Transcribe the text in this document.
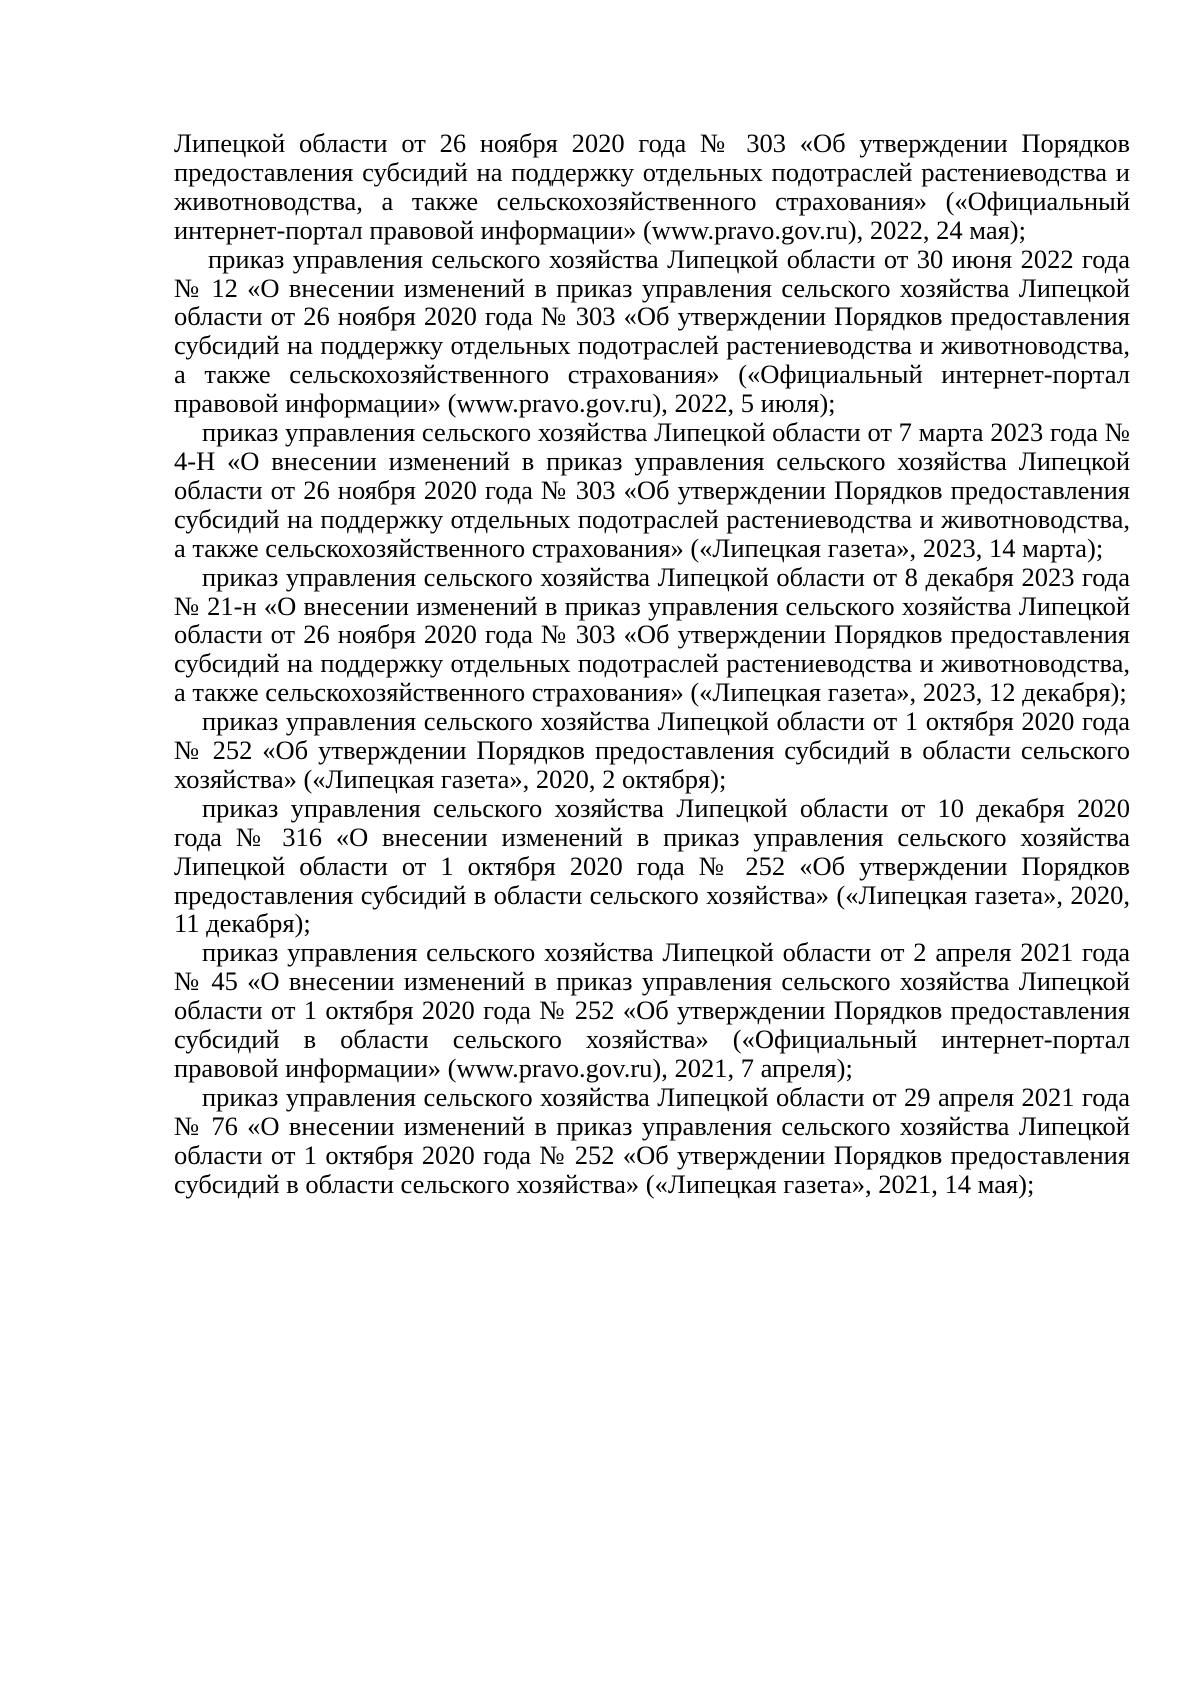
Липецкой области от 26 ноября 2020 года № 303 «Об утверждении Порядков предоставления субсидий на поддержку отдельных подотраслей растениеводства и животноводства, а также сельскохозяйственного страхования» («Официальный интернет-портал правовой информации» (www.pravo.gov.ru), 2022, 24 мая);

приказ управления сельского хозяйства Липецкой области от 30 июня 2022 года № 12 «О внесении изменений в приказ управления сельского хозяйства Липецкой области от 26 ноября 2020 года № 303 «Об утверждении Порядков предоставления субсидий на поддержку отдельных подотраслей растениеводства и животноводства, а также сельскохозяйственного страхования» («Официальный интернет-портал правовой информации» (www.pravo.gov.ru), 2022, 5 июля);

приказ управления сельского хозяйства Липецкой области от 7 марта 2023 года № 4-Н «О внесении изменений в приказ управления сельского хозяйства Липецкой области от 26 ноября 2020 года № 303 «Об утверждении Порядков предоставления субсидий на поддержку отдельных подотраслей растениеводства и животноводства, а также сельскохозяйственного страхования» («Липецкая газета», 2023, 14 марта);

приказ управления сельского хозяйства Липецкой области от 8 декабря 2023 года № 21-н «О внесении изменений в приказ управления сельского хозяйства Липецкой области от 26 ноября 2020 года № 303 «Об утверждении Порядков предоставления субсидий на поддержку отдельных подотраслей растениеводства и животноводства, а также сельскохозяйственного страхования» («Липецкая газета», 2023, 12 декабря);

приказ управления сельского хозяйства Липецкой области от 1 октября 2020 года № 252 «Об утверждении Порядков предоставления субсидий в области сельского хозяйства» («Липецкая газета», 2020, 2 октября);

приказ управления сельского хозяйства Липецкой области от 10 декабря 2020 года № 316 «О внесении изменений в приказ управления сельского хозяйства Липецкой области от 1 октября 2020 года № 252 «Об утверждении Порядков предоставления субсидий в области сельского хозяйства» («Липецкая газета», 2020, 11 декабря);

приказ управления сельского хозяйства Липецкой области от 2 апреля 2021 года № 45 «О внесении изменений в приказ управления сельского хозяйства Липецкой области от 1 октября 2020 года № 252 «Об утверждении Порядков предоставления субсидий в области сельского хозяйства» («Официальный интернет-портал правовой информации» (www.pravo.gov.ru), 2021, 7 апреля);

приказ управления сельского хозяйства Липецкой области от 29 апреля 2021 года № 76 «О внесении изменений в приказ управления сельского хозяйства Липецкой области от 1 октября 2020 года № 252 «Об утверждении Порядков предоставления субсидий в области сельского хозяйства» («Липецкая газета», 2021, 14 мая);
